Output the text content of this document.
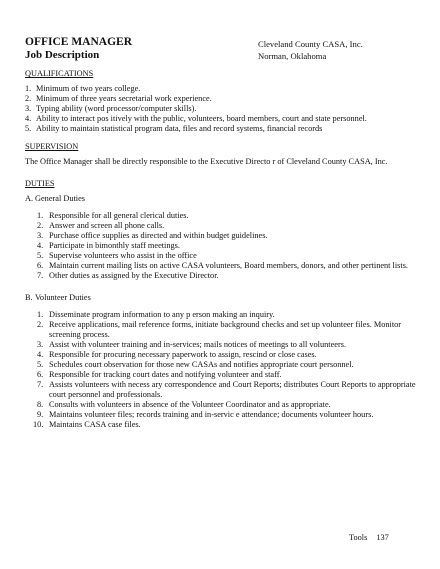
OFFICE MANAGER
Job Description
Cleveland County CASA, Inc.
Norman, Oklahoma
QUALIFICATIONS
1. Minimum of two years college.
2. Minimum of three years secretarial work experience.
3. Typing ability (word processor/computer skills).
4. Ability to interact pos itively with the public, volunteers, board members, court and state personnel.
5. Ability to maintain statistical program data, files and record systems, financial records
SUPERVISION

The Office Manager shall be directly responsible to the Executive Directo r of Cleveland County CASA, Inc.

DUTIES
A. General Duties
1. Responsible for all general clerical duties.
2. Answer and screen all phone calls.
3. Purchase office supplies as directed and within budget guidelines.
4. Participate in bimonthly staff meetings.
5. Supervise volunteers who assist in the office
6. Maintain current mailing lists on active CASA volunteers, Board members, donors, and other pertinent lists.
7. Other duties as assigned by the Executive Director.
B. Volunteer Duties
1. Disseminate program information to any p erson making an inquiry.
2. Receive applications, mail reference forms, initiate background checks and set up volunteer files. Monitor screening process.
3. Assist with volunteer training and in-services; mails notices of meetings to all volunteers.
4. Responsible for procuring necessary paperwork to assign, rescind or close cases.
5. Schedules court observation for those new CASAs and notifies appropriate court personnel.
6. Responsible for tracking court dates and notifying volunteer and staff.
7. Assists volunteers with necess ary correspondence and Court Reports; distributes Court Reports to appropriate court personnel and professionals.
8. Consults with volunteers in absence of the Volunteer Coordinator and as appropriate.
9. Maintains volunteer files; records training and in-servic e attendance; documents volunteer hours.
10. Maintains CASA case files.
Tools 137
